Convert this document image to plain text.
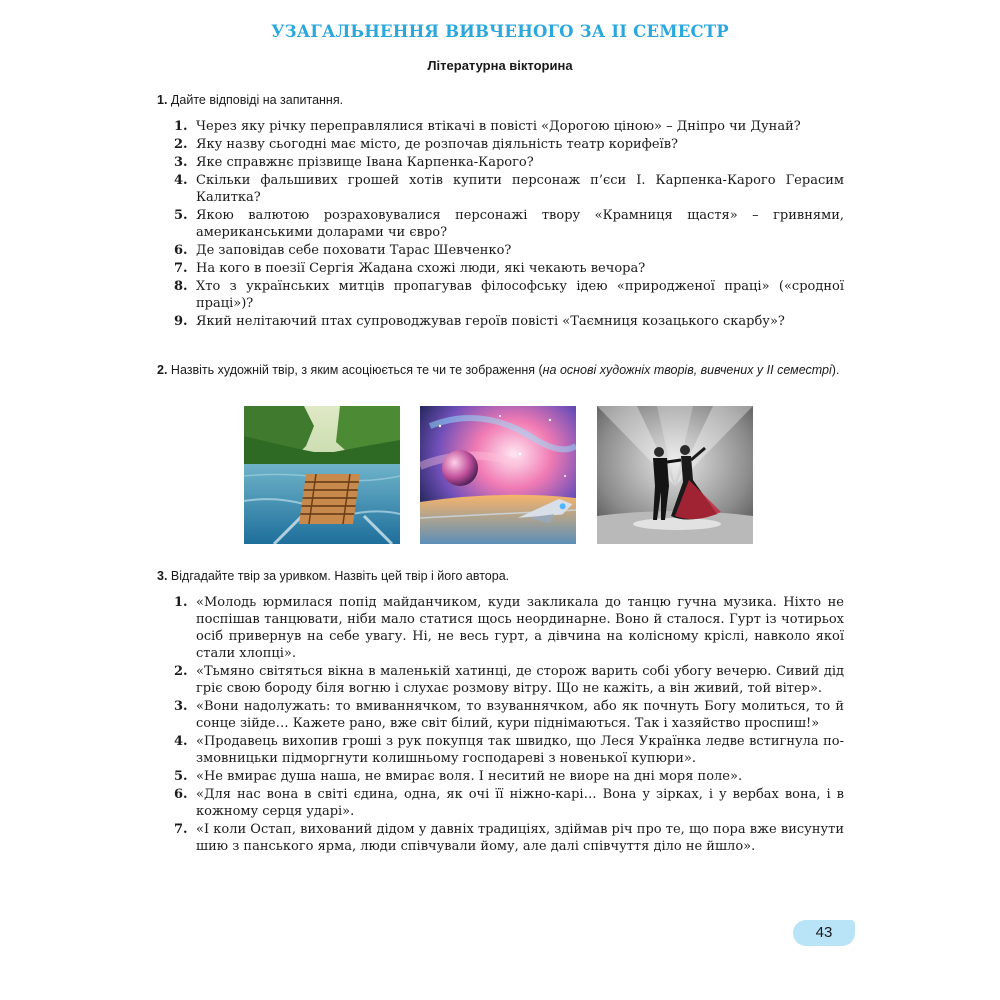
УЗАГАЛЬНЕННЯ ВИВЧЕНОГО ЗА ІІ СЕМЕСТР
Літературна вікторина
1. Дайте відповіді на запитання.
1. Через яку річку переправлялися втікачі в повісті «Дорогою ціною» – Дніпро чи Дунай?
2. Яку назву сьогодні має місто, де розпочав діяльність театр корифеїв?
3. Яке справжнє прізвище Івана Карпенка-Карого?
4. Скільки фальшивих грошей хотів купити персонаж п’єси І. Карпенка-Карого Герасим Калитка?
5. Якою валютою розраховувалися персонажі твору «Крамниця щастя» – гривнями, американськими доларами чи євро?
6. Де заповідав себе поховати Тарас Шевченко?
7. На кого в поезії Сергія Жадана схожі люди, які чекають вечора?
8. Хто з українських митців пропагував філософську ідею «природженої праці» («сродної праці»)?
9. Який нелітаючий птах супроводжував героїв повісті «Таємниця козацького скарбу»?
2. Назвіть художній твір, з яким асоціюється те чи те зображення (на основі художніх творів, вивчених у ІІ семестрі).
3. Відгадайте твір за уривком. Назвіть цей твір і його автора.
1. «Молодь юрмилася попід майданчиком, куди закликала до танцю гучна музика. Ніхто не поспішав танцювати, ніби мало статися щось неординарне. Воно й сталося. Гурт із чотирьох осіб привернув на себе увагу. Ні, не весь гурт, а дівчина на колісному кріслі, навколо якої стали хлопці».
2. «Тьмяно світяться вікна в маленькій хатинці, де сторож варить собі убогу вечерю. Сивий дід гріє свою бороду біля вогню і слухає розмову вітру. Що не кажіть, а він живий, той вітер».
3. «Вони надолужать: то вмиваннячком, то взуваннячком, або як почнуть Богу молиться, то й сонце зійде… Кажете рано, вже світ білий, кури піднімаються. Так і хазяйство проспиш!»
4. «Продавець вихопив гроші з рук покупця так швидко, що Леся Українка ледве встигнула по-змовницьки підморгнути колишньому господареві з новенької купюри».
5. «Не вмирає душа наша, не вмирає воля. І неситий не виоре на дні моря поле».
6. «Для нас вона в світі єдина, одна, як очі її ніжно-карі… Вона у зірках, і у вербах вона, і в кожному серця ударі».
7. «І коли Остап, вихований дідом у давніх традиціях, здіймав річ про те, що пора вже висунути шию з панського ярма, люди співчували йому, але далі співчуття діло не йшло».
43
